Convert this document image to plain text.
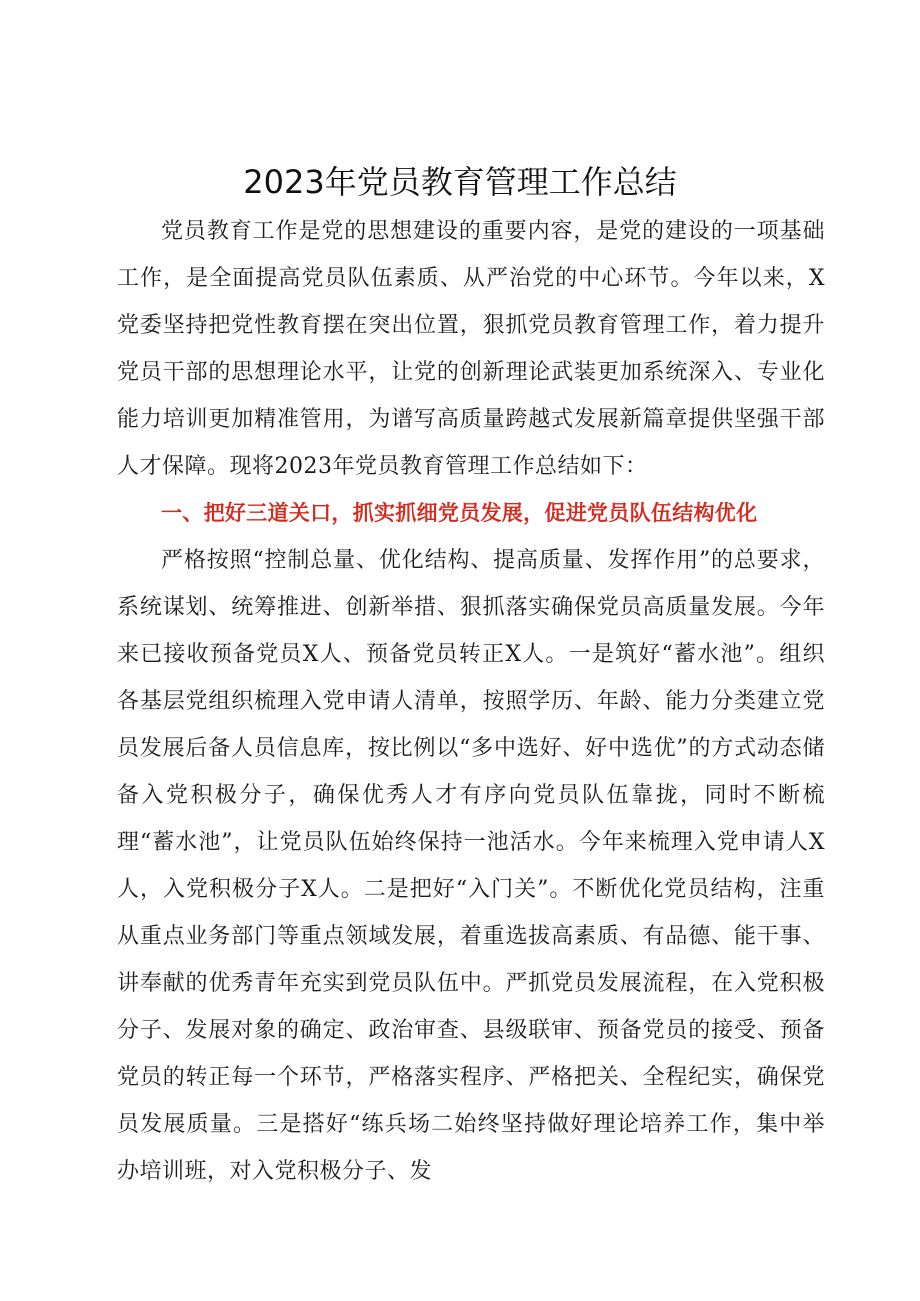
2023年党员教育管理工作总结

党员教育工作是党的思想建设的重要内容，是党的建设的一项基础工作，是全面提高党员队伍素质、从严治党的中心环节。今年以来，X党委坚持把党性教育摆在突出位置，狠抓党员教育管理工作，着力提升党员干部的思想理论水平，让党的创新理论武装更加系统深入、专业化能力培训更加精准管用，为谱写高质量跨越式发展新篇章提供坚强干部人才保障。现将2023年党员教育管理工作总结如下：

一、把好三道关口，抓实抓细党员发展，促进党员队伍结构优化

严格按照“控制总量、优化结构、提高质量、发挥作用”的总要求，系统谋划、统筹推进、创新举措、狠抓落实确保党员高质量发展。今年来已接收预备党员X人、预备党员转正X人。一是筑好“蓄水池”。组织各基层党组织梳理入党申请人清单，按照学历、年龄、能力分类建立党员发展后备人员信息库，按比例以“多中选好、好中选优”的方式动态储备入党积极分子，确保优秀人才有序向党员队伍靠拢，同时不断梳理“蓄水池”，让党员队伍始终保持一池活水。今年来梳理入党申请人X人，入党积极分子X人。二是把好“入门关”。不断优化党员结构，注重从重点业务部门等重点领域发展，着重选拔高素质、有品德、能干事、讲奉献的优秀青年充实到党员队伍中。严抓党员发展流程，在入党积极分子、发展对象的确定、政治审查、县级联审、预备党员的接受、预备党员的转正每一个环节，严格落实程序、严格把关、全程纪实，确保党员发展质量。三是搭好“练兵场二始终坚持做好理论培养工作，集中举办培训班，对入党积极分子、发
